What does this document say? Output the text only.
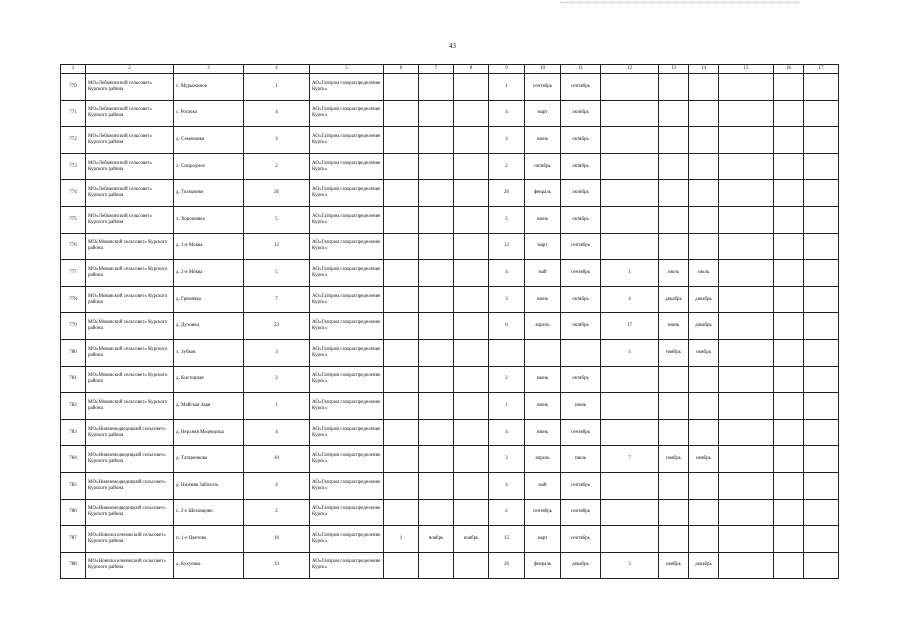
43
1	2	3	4	5	6	7	8	9	10	11	12	13	14	15	16	17
770	МО«Лебяжинский сельсовет» Курского района	с. Мурыжиное	1	АО«Газпром газораспределение Курск»				1	сентябрь	сентябрь						
771	МО«Лебяжинский сельсовет» Курского района	с. Рогачко	4	АО«Газпром газораспределение Курск»				4	март	октябрь						
772	МО«Лебяжинский сельсовет» Курского района	д. Семеновка	4	АО«Газпром газораспределение Курск»				4	июнь	октябрь						
773	МО«Лебяжинский сельсовет» Курского района	х. Смородное	2	АО«Газпром газораспределение Курск»				2	октябрь	октябрь						
774	МО«Лебяжинский сельсовет» Курского района	д. Толмачево	26	АО«Газпром газораспределение Курск»				26	февраль	октябрь						
775	МО«Лебяжинский сельсовет» Курского района	х. Хорошевка	5	АО«Газпром газораспределение Курск»				5	июнь	октябрь						
776	МО«Моковский сельсовет» Курского района	д. 1-я Моква	12	АО«Газпром газораспределение Курск»				12	март	сентябрь						
777	МО«Моковский сельсовет» Курского района	д. 2-я Моква	5	АО«Газпром газораспределение Курск»				4	май	сентябрь	1	июль	июль			
778	МО«Моковский сельсовет» Курского района	д. Гремячка	7	АО«Газпром газораспределение Курск»				3	июнь	октябрь	4	декабрь	декабрь			
779	МО«Моковский сельсовет» Курского района	д. Духовец	23	АО«Газпром газораспределение Курск»				6	апрель	октябрь	17	июнь	декабрь			
780	МО«Моковский сельсовет» Курского района	х. Зубков	3	АО«Газпром газораспределение Курск»							3	ноябрь	ноябрь			
781	МО«Моковский сельсовет» Курского района	д. Кисторная	2	АО«Газпром газораспределение Курск»				2	июнь	октябрь						
782	МО«Моковский сельсовет» Курского района	д. Майская Заря	1	АО«Газпром газораспределение Курск»				1	июнь	июнь						
783	МО«Нижнемедведицкий сельсовет» Курского района	д. Верхняя Медведица	4	АО«Газпром газораспределение Курск»				4	июнь	сентябрь						
784	МО«Нижнемедведицкий сельсовет» Курского района	д. Татаренкова	10	АО«Газпром газораспределение Курск»				3	апрель	июль	7	ноябрь	ноябрь			
785	МО«Нижнемедведицкий сельсовет» Курского района	д. Нижняя Заболоть	4	АО«Газпром газораспределение Курск»				4	май	сентябрь						
786	МО«Нижнемедведицкий сельсовет» Курского района	с. 2-е Шеховцово	2	АО«Газпром газораспределение Курск»				2	сентябрь	сентябрь						
787	МО«Новопоселеновский сельсовет» Курского района	п. 1-е Цветово	16	АО«Газпром газораспределение Курск»	1	ноябрь	ноябрь	15	март	сентябрь						
788	МО«Новопоселеновский сельсовет» Курского района	д. Кукуевка	33	АО«Газпром газораспределение Курск»				26	февраль	декабрь	3	ноябрь	декабрь			
